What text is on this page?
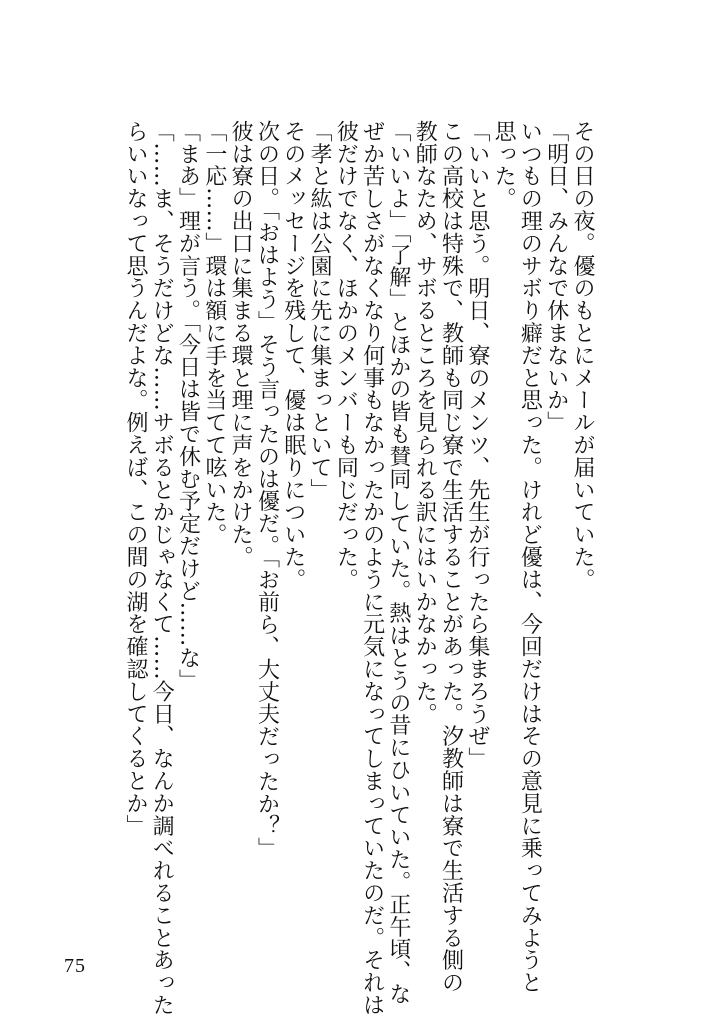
その日の夜。優のもとにメールが届いていた。
「明日、みんなで休まないか」
いつもの理のサボり癖だと思った。けれど優は、今回だけはその意見に乗ってみようと
思った。
「いいと思う。明日、寮のメンツ、先生が行ったら集まろうぜ」
この高校は特殊で、教師も同じ寮で生活することがあった。汐教師は寮で生活する側の
教師なため、サボるところを見られる訳にはいかなかった。
「いいよ」「了解」とほかの皆も賛同していた。熱はとうの昔にひいていた。正午頃、な
ぜか苦しさがなくなり何事もなかったかのように元気になってしまっていたのだ。それは
彼だけでなく、ほかのメンバーも同じだった。
「孝と紘は公園に先に集まっといて」
そのメッセージを残して、優は眠りについた。
次の日。「おはよう」そう言ったのは優だ。「お前ら、大丈夫だったか？」
彼は寮の出口に集まる環と理に声をかけた。
「一応……」環は額に手を当てて呟いた。
「まあ」理が言う。「今日は皆で休む予定だけど……な」
「……ま、そうだけどな……サボるとかじゃなくて……今日、なんか調べれることあった
らいいなって思うんだよな。例えば、この間の湖を確認してくるとか」
75
